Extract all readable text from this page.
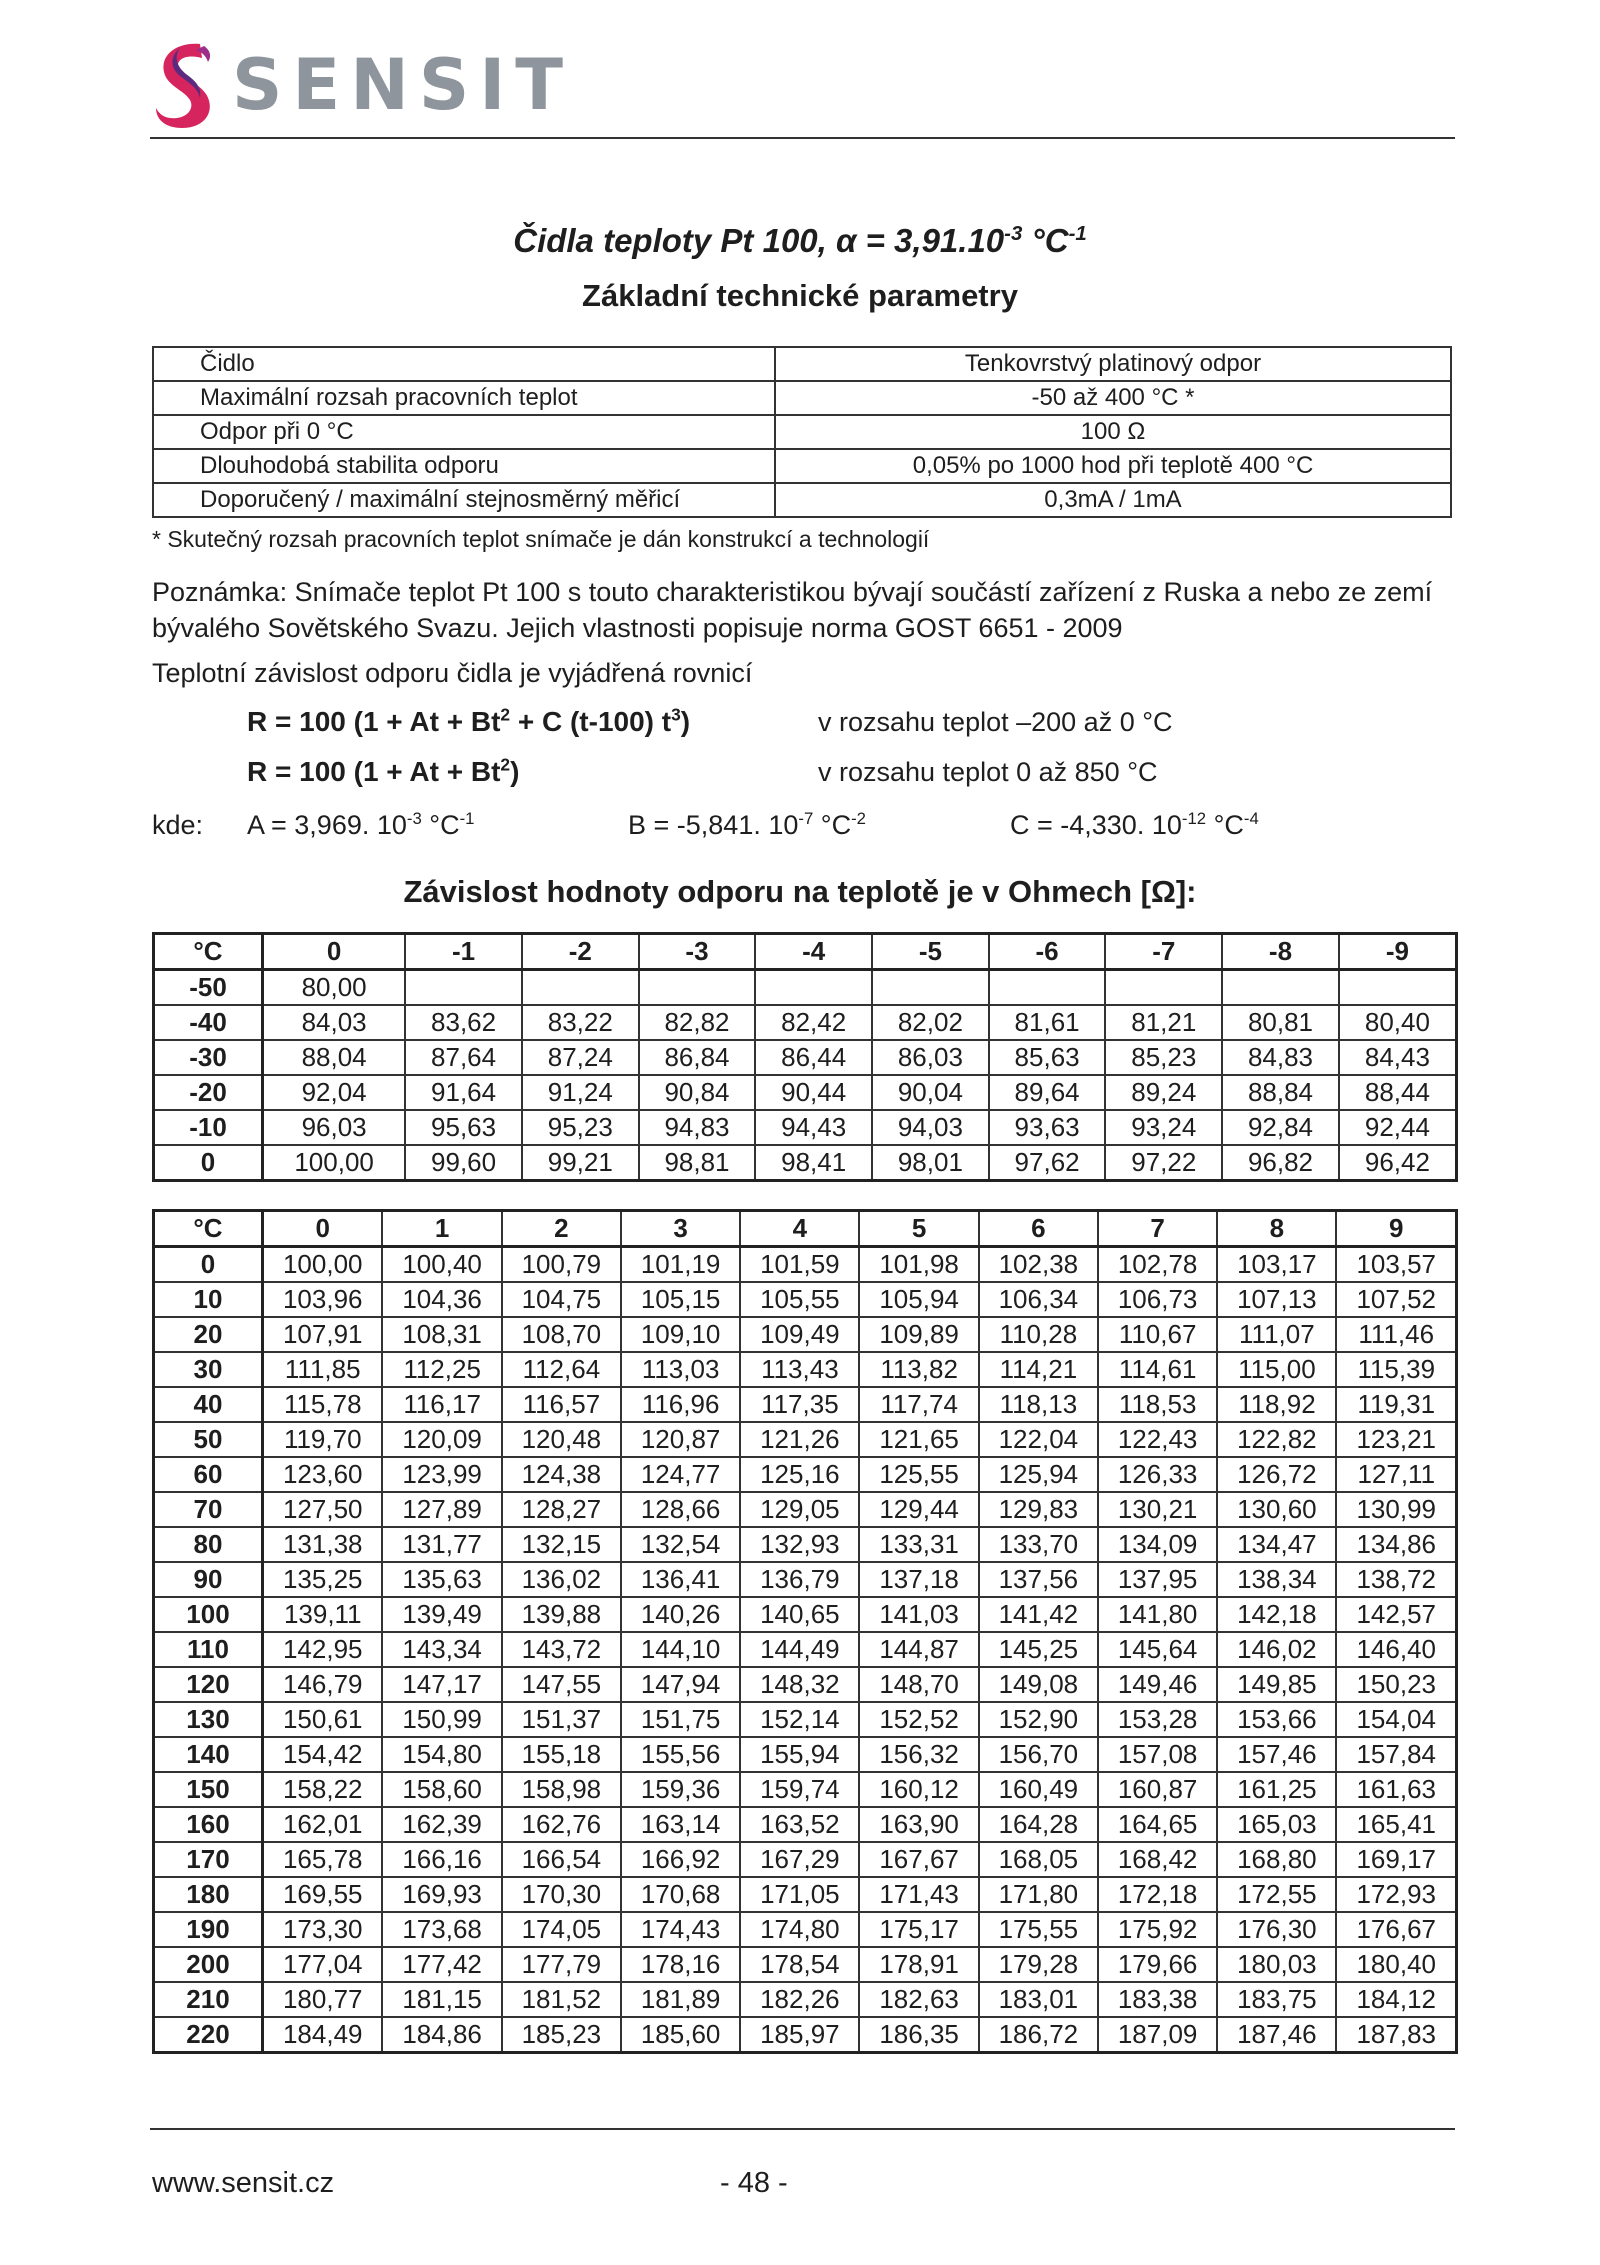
SENSIT
Čidla teploty Pt 100, $\alpha = 3,91.10^{-3}$ $^\circ C^{-1}$
Základní technické parametry
Čidlo	Tenkovrstvý platinový odpor
Maximální rozsah pracovních teplot	-50 až 400 °C *
Odpor při 0 °C	100 Ω
Dlouhodobá stabilita odporu	0,05% po 1000 hod při teplotě 400 °C
Doporučený / maximální stejnosměrný měřicí	0,3mA / 1mA
* Skutečný rozsah pracovních teplot snímače je dán konstrukcí a technologií
Poznámka: Snímače teplot Pt 100 s touto charakteristikou bývají součástí zařízení z Ruska a nebo ze zemí bývalého Sovětského Svazu. Jejich vlastnosti popisuje norma GOST 6651 - 2009
Teplotní závislost odporu čidla je vyjádřená rovnicí
R = 100 ($1 + At + Bt^2 + C$ (t-100) $t^3$)	v rozsahu teplot –200 až 0 °C
R = 100 $(1 + At + Bt^2)$	v rozsahu teplot 0 až 850 °C
kde: A = 3,969. $10^{-3}$ $^\circ C^{-1}$	B = -5,841. $10^{-7}$ $^\circ C^{-2}$	C = -4,330. $10^{-12}$ $^\circ C^{-4}$
Závislost hodnoty odporu na teplotě je v Ohmech [Ω]:
°C	0	-1	-2	-3	-4	-5	-6	-7	-8	-9
-50	80,00									
-40	84,03	83,62	83,22	82,82	82,42	82,02	81,61	81,21	80,81	80,40
-30	88,04	87,64	87,24	86,84	86,44	86,03	85,63	85,23	84,83	84,43
-20	92,04	91,64	91,24	90,84	90,44	90,04	89,64	89,24	88,84	88,44
-10	96,03	95,63	95,23	94,83	94,43	94,03	93,63	93,24	92,84	92,44
0	100,00	99,60	99,21	98,81	98,41	98,01	97,62	97,22	96,82	96,42
°C	0	1	2	3	4	5	6	7	8	9
0	100,00	100,40	100,79	101,19	101,59	101,98	102,38	102,78	103,17	103,57
10	103,96	104,36	104,75	105,15	105,55	105,94	106,34	106,73	107,13	107,52
20	107,91	108,31	108,70	109,10	109,49	109,89	110,28	110,67	111,07	111,46
30	111,85	112,25	112,64	113,03	113,43	113,82	114,21	114,61	115,00	115,39
40	115,78	116,17	116,57	116,96	117,35	117,74	118,13	118,53	118,92	119,31
50	119,70	120,09	120,48	120,87	121,26	121,65	122,04	122,43	122,82	123,21
60	123,60	123,99	124,38	124,77	125,16	125,55	125,94	126,33	126,72	127,11
70	127,50	127,89	128,27	128,66	129,05	129,44	129,83	130,21	130,60	130,99
80	131,38	131,77	132,15	132,54	132,93	133,31	133,70	134,09	134,47	134,86
90	135,25	135,63	136,02	136,41	136,79	137,18	137,56	137,95	138,34	138,72
100	139,11	139,49	139,88	140,26	140,65	141,03	141,42	141,80	142,18	142,57
110	142,95	143,34	143,72	144,10	144,49	144,87	145,25	145,64	146,02	146,40
120	146,79	147,17	147,55	147,94	148,32	148,70	149,08	149,46	149,85	150,23
130	150,61	150,99	151,37	151,75	152,14	152,52	152,90	153,28	153,66	154,04
140	154,42	154,80	155,18	155,56	155,94	156,32	156,70	157,08	157,46	157,84
150	158,22	158,60	158,98	159,36	159,74	160,12	160,49	160,87	161,25	161,63
160	162,01	162,39	162,76	163,14	163,52	163,90	164,28	164,65	165,03	165,41
170	165,78	166,16	166,54	166,92	167,29	167,67	168,05	168,42	168,80	169,17
180	169,55	169,93	170,30	170,68	171,05	171,43	171,80	172,18	172,55	172,93
190	173,30	173,68	174,05	174,43	174,80	175,17	175,55	175,92	176,30	176,67
200	177,04	177,42	177,79	178,16	178,54	178,91	179,28	179,66	180,03	180,40
210	180,77	181,15	181,52	181,89	182,26	182,63	183,01	183,38	183,75	184,12
220	184,49	184,86	185,23	185,60	185,97	186,35	186,72	187,09	187,46	187,83
www.sensit.cz	- 48 -
